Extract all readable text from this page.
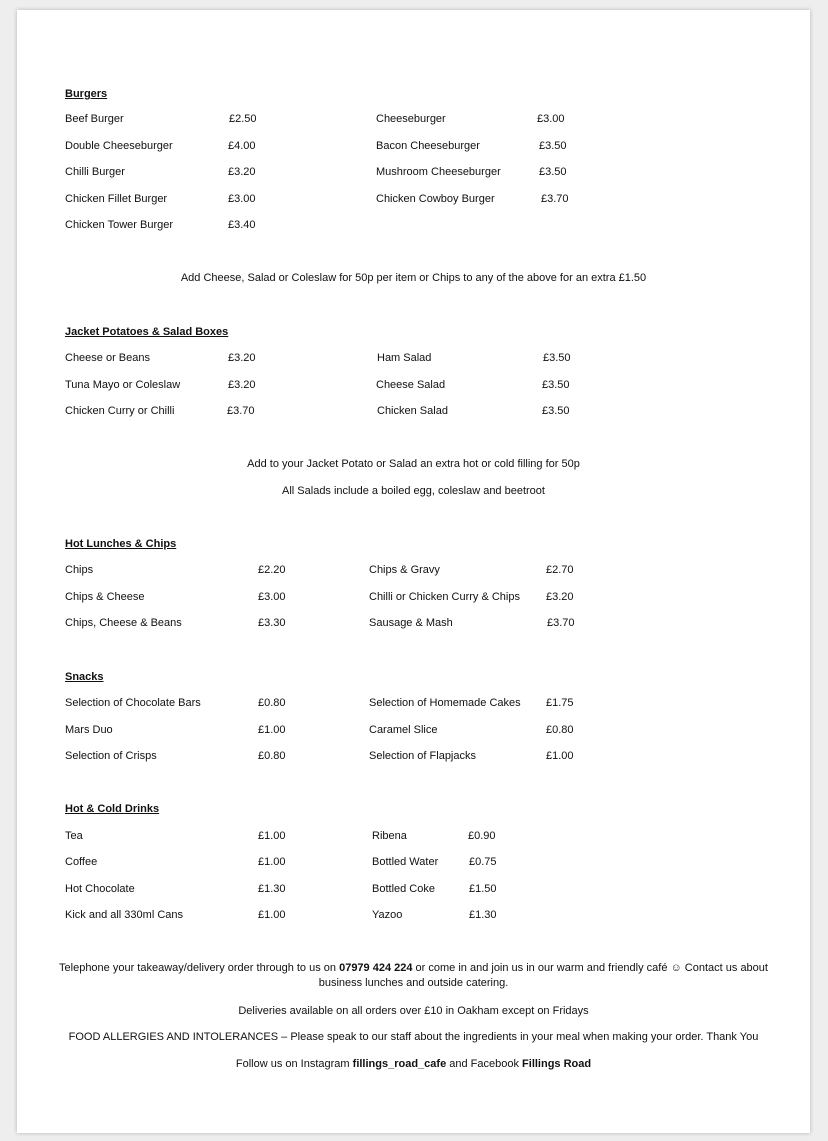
Burgers
Beef Burger	£2.50
Double Cheeseburger	£4.00
Chilli Burger	£3.20
Chicken Fillet Burger	£3.00
Chicken Tower Burger	£3.40
Cheeseburger	£3.00
Bacon Cheeseburger	£3.50
Mushroom Cheeseburger	£3.50
Chicken Cowboy Burger	£3.70
Add Cheese, Salad or Coleslaw for 50p per item or Chips to any of the above for an extra £1.50
Jacket Potatoes & Salad Boxes
Cheese or Beans	£3.20
Tuna Mayo or Coleslaw	£3.20
Chicken Curry or Chilli	£3.70
Ham Salad	£3.50
Cheese Salad	£3.50
Chicken Salad	£3.50
Add to your Jacket Potato or Salad an extra hot or cold filling for 50p
All Salads include a boiled egg, coleslaw and beetroot
Hot Lunches & Chips
Chips	£2.20
Chips & Cheese	£3.00
Chips, Cheese & Beans	£3.30
Chips & Gravy	£2.70
Chilli or Chicken Curry & Chips £3.20
Sausage & Mash	£3.70
Snacks
Selection of Chocolate Bars	£0.80
Mars Duo	£1.00
Selection of Crisps	£0.80
Selection of Homemade Cakes £1.75
Caramel Slice	£0.80
Selection of Flapjacks	£1.00
Hot & Cold Drinks
Tea	£1.00
Coffee	£1.00
Hot Chocolate	£1.30
Kick and all 330ml Cans	£1.00
Ribena	£0.90
Bottled Water	£0.75
Bottled Coke	£1.50
Yazoo	£1.30
Telephone your takeaway/delivery order through to us on 07979 424 224 or come in and join us in our warm and friendly café ☺ Contact us about business lunches and outside catering.
Deliveries available on all orders over £10 in Oakham except on Fridays
FOOD ALLERGIES AND INTOLERANCES – Please speak to our staff about the ingredients in your meal when making your order. Thank You
Follow us on Instagram fillings_road_cafe and Facebook Fillings Road
